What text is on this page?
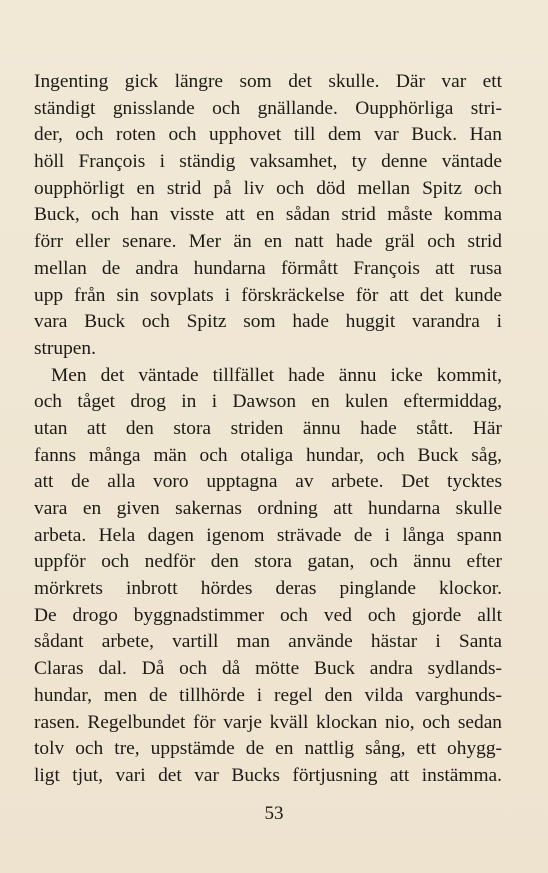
Ingenting gick längre som det skulle. Där var ett
ständigt gnisslande och gnällande. Oupphörliga stri-
der, och roten och upphovet till dem var Buck. Han
höll François i ständig vaksamhet, ty denne väntade
oupphörligt en strid på liv och död mellan Spitz och
Buck, och han visste att en sådan strid måste komma
förr eller senare. Mer än en natt hade gräl och strid
mellan de andra hundarna förmått François att rusa
upp från sin sovplats i förskräckelse för att det kunde
vara Buck och Spitz som hade huggit varandra i
strupen.
Men det väntade tillfället hade ännu icke kommit,
och tåget drog in i Dawson en kulen eftermiddag,
utan att den stora striden ännu hade stått. Här
fanns många män och otaliga hundar, och Buck såg,
att de alla voro upptagna av arbete. Det tycktes
vara en given sakernas ordning att hundarna skulle
arbeta. Hela dagen igenom strävade de i långa spann
uppför och nedför den stora gatan, och ännu efter
mörkrets inbrott hördes deras pinglande klockor.
De drogo byggnadstimmer och ved och gjorde allt
sådant arbete, vartill man använde hästar i Santa
Claras dal. Då och då mötte Buck andra sydlands-
hundar, men de tillhörde i regel den vilda varghunds-
rasen. Regelbundet för varje kväll klockan nio, och sedan
tolv och tre, uppstämde de en nattlig sång, ett ohygg-
ligt tjut, vari det var Bucks förtjusning att instämma.
53
